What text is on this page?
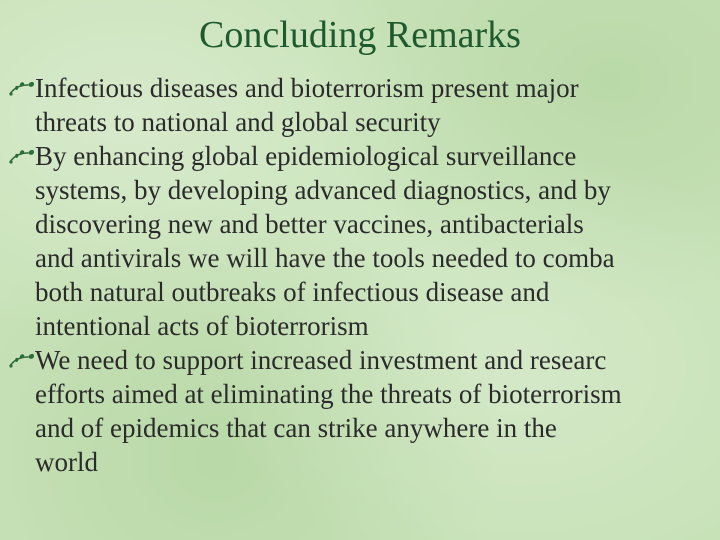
Concluding Remarks
Infectious diseases and bioterrorism present major
threats to national and global security
By enhancing global epidemiological surveillance
systems, by developing advanced diagnostics, and by
discovering new and better vaccines, antibacterials
and antivirals we will have the tools needed to comba
both natural outbreaks of infectious disease and
intentional acts of bioterrorism
We need to support increased investment and researc
efforts aimed at eliminating the threats of bioterrorism
and of epidemics that can strike anywhere in the
world
